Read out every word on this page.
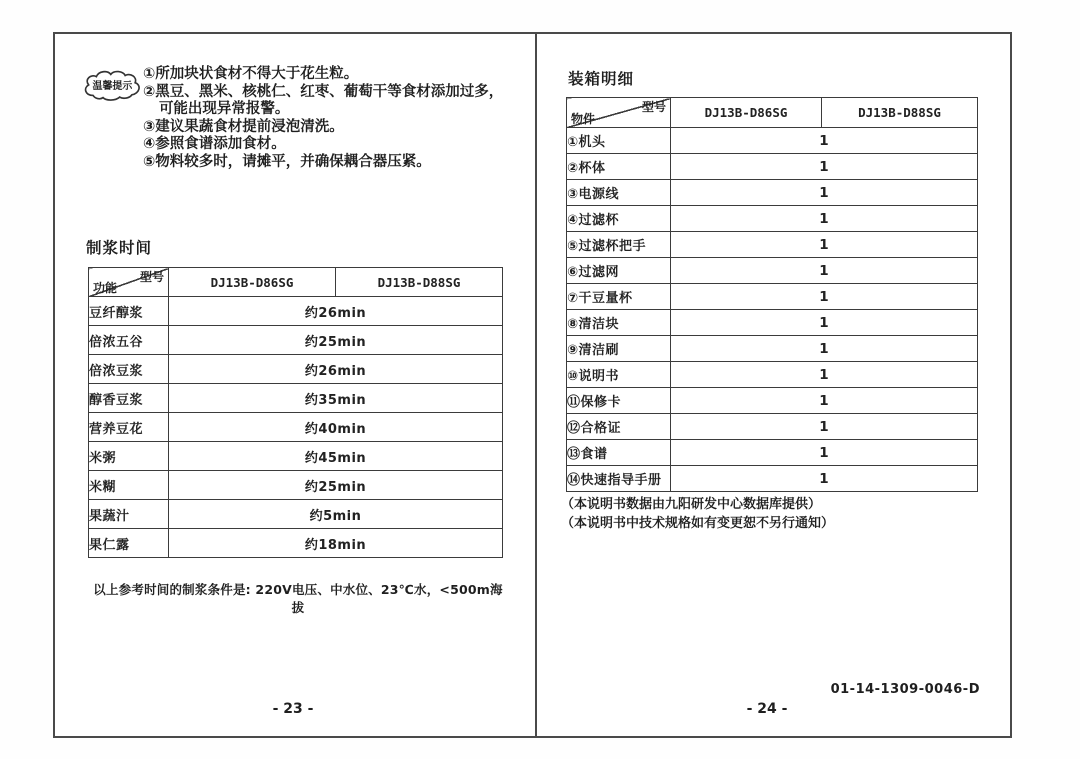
温馨提示
①所加块状食材不得大于花生粒。
②黑豆、黑米、核桃仁、红枣、葡萄干等食材添加过多，可能出现异常报警。
③建议果蔬食材提前浸泡清洗。
④参照食谱添加食材。
⑤物料较多时，请摊平，并确保耦合器压紧。
制浆时间
型号
功能	DJ13B-D86SG	DJ13B-D88SG
豆纤醇浆	约26min	
倍浓五谷	约25min	
倍浓豆浆	约26min	
醇香豆浆	约35min	
营养豆花	约40min	
米粥	约45min	
米糊	约25min	
果蔬汁	约5min	
果仁露	约18min	
以上参考时间的制浆条件是: 220V电压、中水位、23℃水，<500m海拔
- 23 -
装箱明细
型号
物件	DJ13B-D86SG	DJ13B-D88SG
①机头	1	
②杯体	1	
③电源线	1	
④过滤杯	1	
⑤过滤杯把手	1	
⑥过滤网	1	
⑦干豆量杯	1	
⑧清洁块	1	
⑨清洁刷	1	
⑩说明书	1	
⑪保修卡	1	
⑫合格证	1	
⑬食谱	1	
⑭快速指导手册	1	
（本说明书数据由九阳研发中心数据库提供）
（本说明书中技术规格如有变更恕不另行通知）
01-14-1309-0046-D
- 24 -
